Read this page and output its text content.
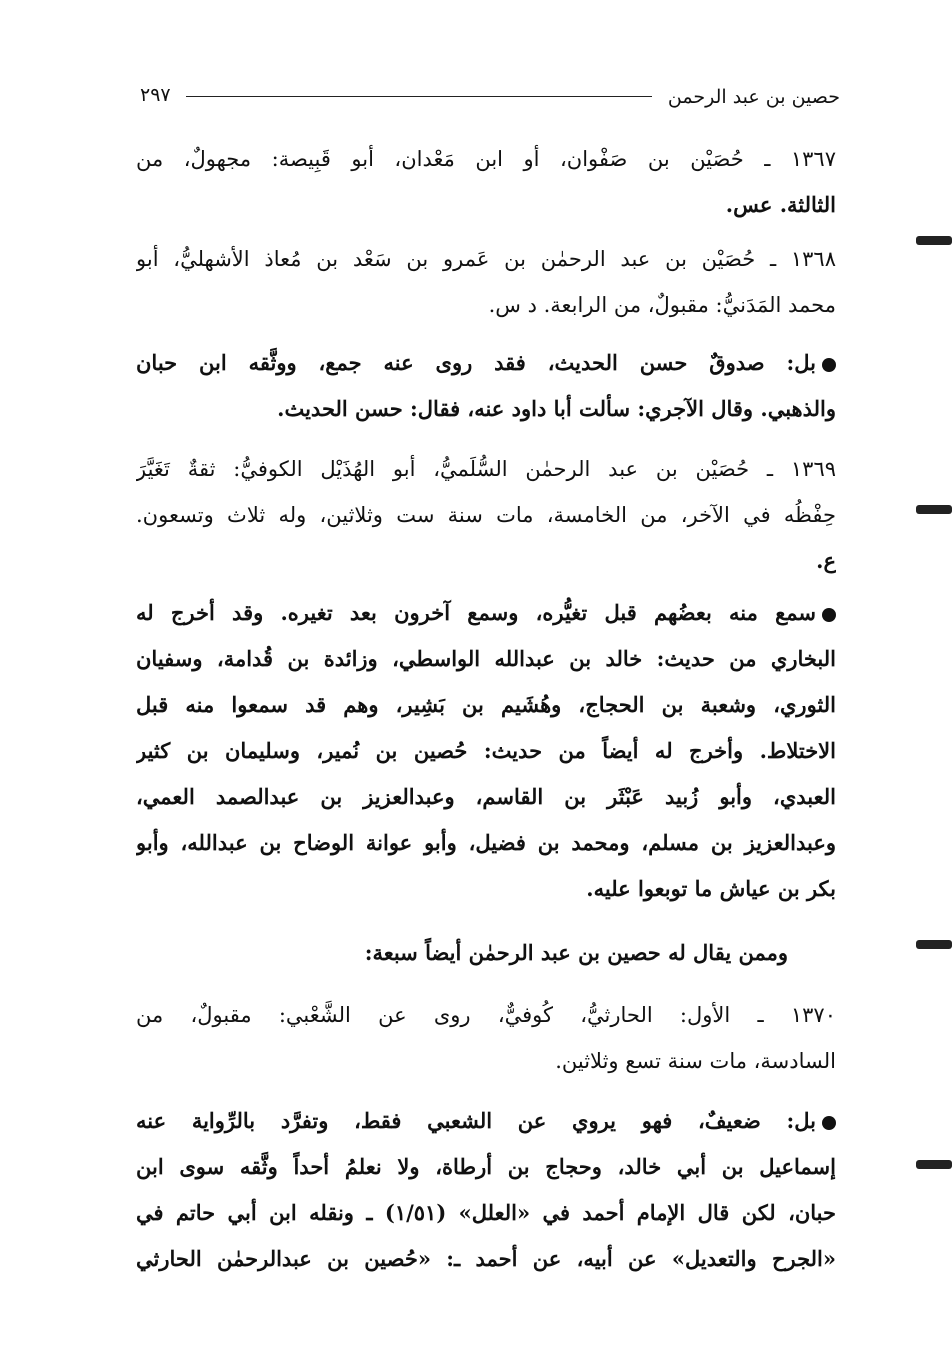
حصين بن عبد الرحمن
٢٩٧
١٣٦٧ ـ حُصَيْن بن صَفْوان، أو ابن مَعْدان، أبو قَبِيصة: مجهولٌ، من
الثالثة. عس.
١٣٦٨ ـ حُصَيْن بن عبد الرحمٰن بن عَمرو بن سَعْد بن مُعاذ الأشهليُّ، أبو
محمد المَدَنيُّ: مقبولٌ، من الرابعة. د س.
بل: صدوقٌ حسن الحديث، فقد روى عنه جمع، ووثَّقه ابن حبان
والذهبي. وقال الآجري: سألت أبا داود عنه، فقال: حسن الحديث.
١٣٦٩ ـ حُصَيْن بن عبد الرحمٰن السُّلَميُّ، أبو الهُذَيْل الكوفيُّ: ثقةٌ تَغَيَّرَ
حِفْظُه في الآخر، من الخامسة، مات سنة ست وثلاثين، وله ثلاث وتسعون.
ع.
سمع منه بعضُهم قبل تغيُّره، وسمع آخرون بعد تغيره. وقد أخرج له
البخاري من حديث: خالد بن عبدالله الواسطي، وزائدة بن قُدامة، وسفيان
الثوري، وشعبة بن الحجاج، وهُشَيم بن بَشِير، وهم قد سمعوا منه قبل
الاختلاط. وأخرج له أيضاً من حديث: حُصين بن نُمير، وسليمان بن كثير
العبدي، وأبو زُبيد عَبْثَر بن القاسم، وعبدالعزيز بن عبدالصمد العمي،
وعبدالعزيز بن مسلم، ومحمد بن فضيل، وأبو عوانة الوضاح بن عبدالله، وأبو
بكر بن عياش ما توبعوا عليه.
وممن يقال له حصين بن عبد الرحمٰن أيضاً سبعة:
١٣٧٠ ـ الأول: الحارثيُّ، كُوفيٌّ، روى عن الشَّعْبي: مقبولٌ، من
السادسة، مات سنة تسع وثلاثين.
بل: ضعيفٌ، فهو يروي عن الشعبي فقط، وتفرَّد بالرِّواية عنه
إسماعيل بن أبي خالد، وحجاج بن أرطاة، ولا نعلمُ أحداً وثَّقه سوى ابن
حبان، لكن قال الإمام أحمد في «العلل» (١/٥١) ـ ونقله ابن أبي حاتم في
«الجرح والتعديل» عن أبيه، عن أحمد ـ: «حُصين بن عبدالرحمٰن الحارثي
